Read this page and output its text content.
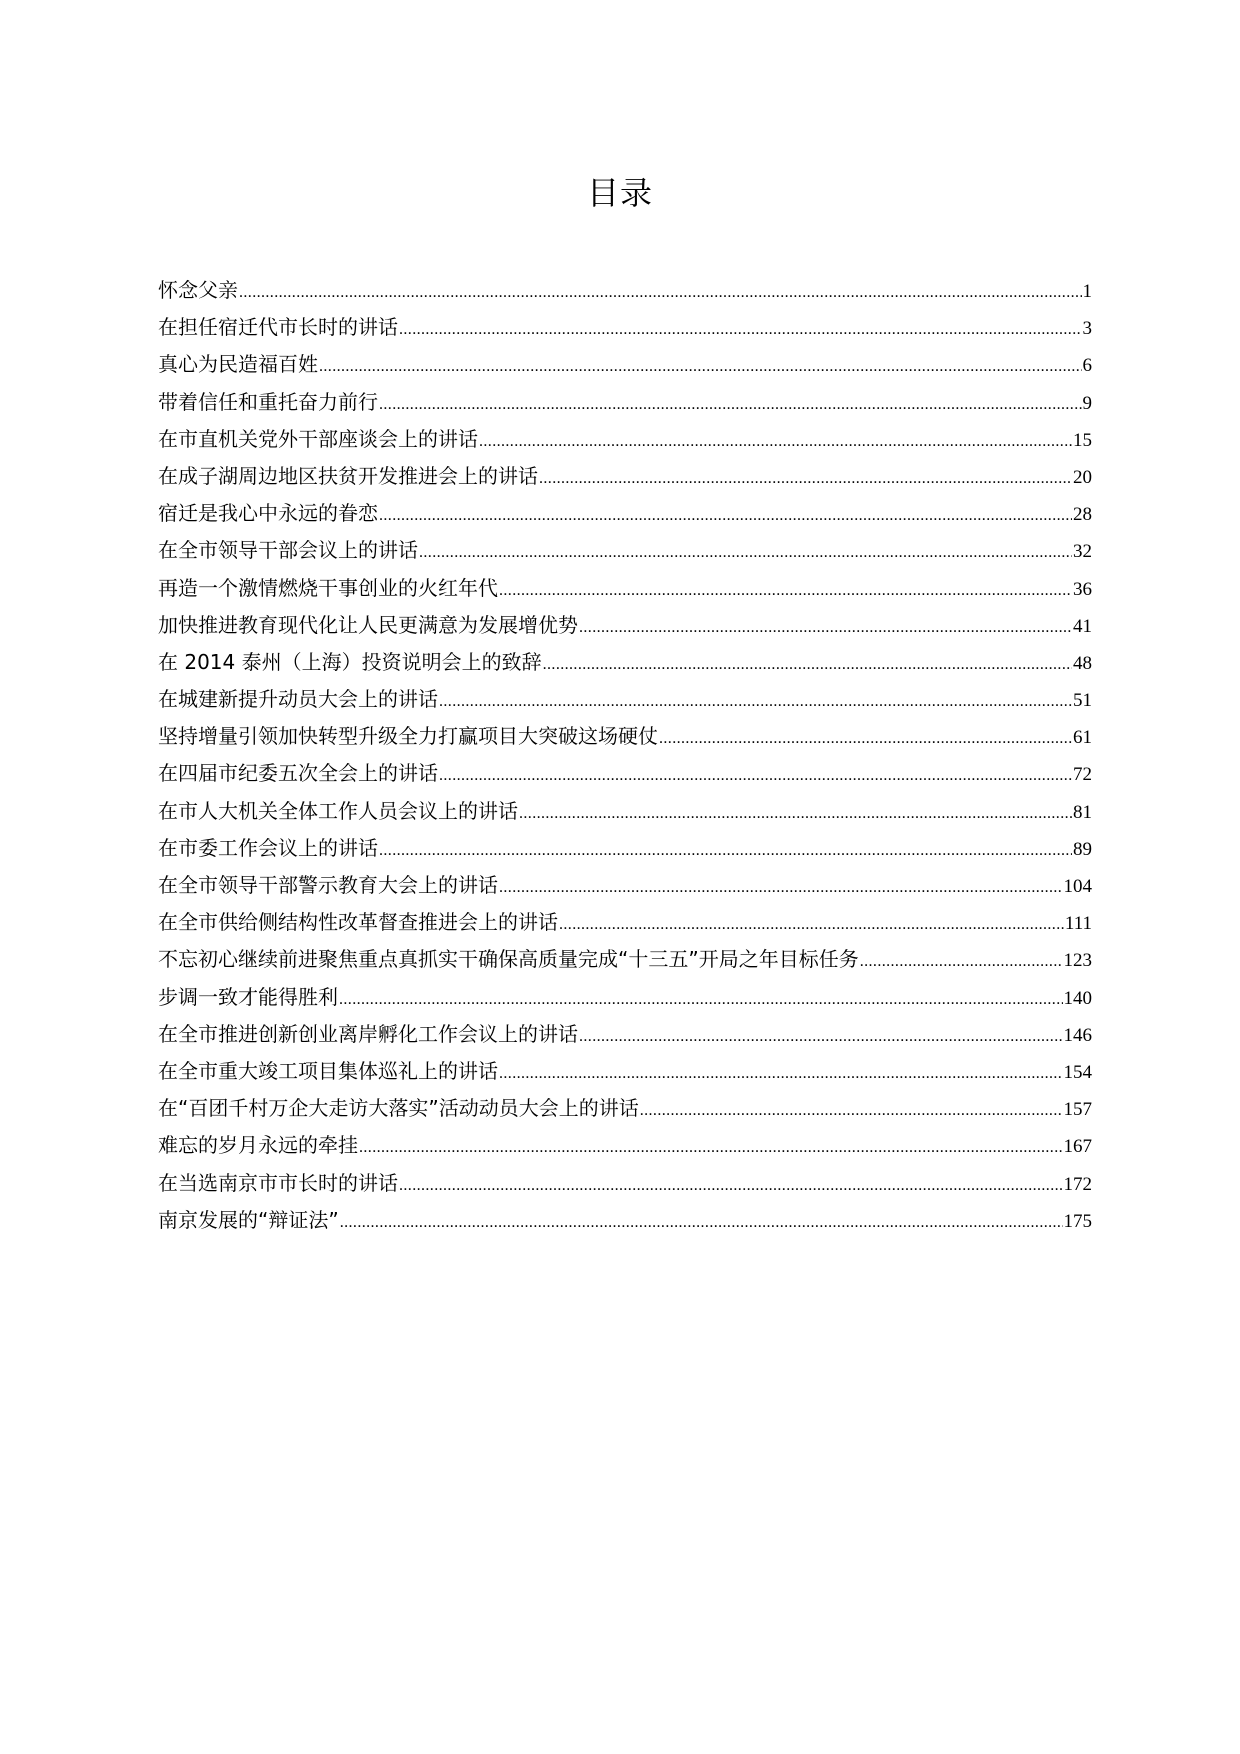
目录
怀念父亲 .....	1
在担任宿迁代市长时的讲话 .....	3
真心为民造福百姓 .....	6
带着信任和重托奋力前行 .....	9
在市直机关党外干部座谈会上的讲话 .....	15
在成子湖周边地区扶贫开发推进会上的讲话 .....	20
宿迁是我心中永远的眷恋 .....	28
在全市领导干部会议上的讲话 .....	32
再造一个激情燃烧干事创业的火红年代 .....	36
加快推进教育现代化让人民更满意为发展增优势 .....	41
在 2014 泰州（上海）投资说明会上的致辞 .....	48
在城建新提升动员大会上的讲话 .....	51
坚持增量引领加快转型升级全力打赢项目大突破这场硬仗 .....	61
在四届市纪委五次全会上的讲话 .....	72
在市人大机关全体工作人员会议上的讲话 .....	81
在市委工作会议上的讲话 .....	89
在全市领导干部警示教育大会上的讲话 .....	104
在全市供给侧结构性改革督查推进会上的讲话 .....	111
不忘初心继续前进聚焦重点真抓实干确保高质量完成“十三五”开局之年目标任务 .....	123
步调一致才能得胜利 .....	140
在全市推进创新创业离岸孵化工作会议上的讲话 .....	146
在全市重大竣工项目集体巡礼上的讲话 .....	154
在“百团千村万企大走访大落实”活动动员大会上的讲话 .....	157
难忘的岁月永远的牵挂 .....	167
在当选南京市市长时的讲话 .....	172
南京发展的“辩证法” .....	175
